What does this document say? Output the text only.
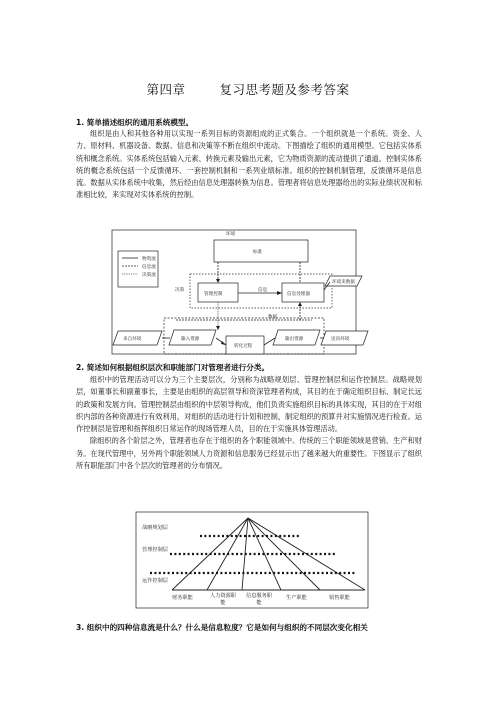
第四章	复习思考题及参考答案
1. 简单描述组织的通用系统模型。

组织是由人和其他各种用以实现一系列目标的资源组成的正式集合。一个组织就是一个系统。资金、人力、原材料、机器设备、数据、信息和决策等不断在组织中流动。下图描绘了组织的通用模型。它包括实体系统和概念系统。实体系统包括输入元素、转换元素及输出元素，它为物质资源的流动提供了通道。控制实体系统的概念系统包括一个反馈循环、一套控制机制和一系列业绩标准。组织的控制机制管理，反馈循环是信息流。数据从实体系统中收集，然后经由信息处理器转换为信息。管理者将信息处理器给出的实际业绩状况和标准相比较，来实现对实体系统的控制。

环境
物资流
信息流
决策流
标准
管理控制	信息处理器
决策	信息
数据
环境来数据
输入资源
转化过程
输出资源
来自环境	送向环境
2. 简述如何根据组织层次和职能部门对管理者进行分类。

组织中的管理活动可以分为三个主要层次，分别称为战略规划层、管理控制层和运作控制层。战略规划层，如董事长和副董事长，主要是由组织的高层领导和资深管理者构成，其目的在于确定组织目标、制定长远的政策和发展方向。管理控制层由组织的中层领导构成，他们负责实施组织目标的具体实现，其目的在于对组织内部的各种资源进行有效利用，对组织的活动进行计划和控制，制定组织的预算并对实施情况进行检查。运作控制层是管理和指挥组织日常运作的现场管理人员，目的在于实施具体管理活动。

除组织的各个阶层之外，管理者也存在于组织的各个职能领域中。传统的三个职能领域是营销、生产和财务。在现代管理中，另外两个职能领域人力资源和信息服务已经显示出了越来越大的重要性。下图显示了组织所有职能部门中各个层次的管理者的分布情况。

战略规划层
管理控制层
运作控制层
财务职能	生产职能	销售职能
人力资源职能
信息服务职能
3. 组织中的四种信息流是什么？什么是信息粒度？它是如何与组织的不同层次变化相关
